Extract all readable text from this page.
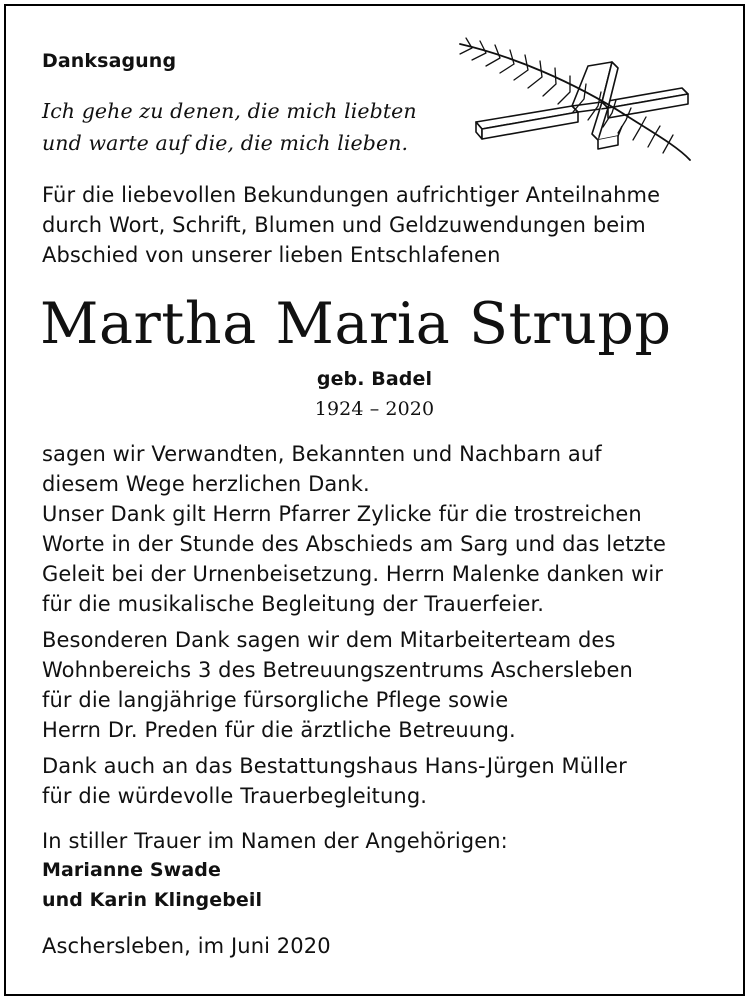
Danksagung
Ich gehe zu denen, die mich liebten
und warte auf die, die mich lieben.
Für die liebevollen Bekundungen aufrichtiger Anteilnahme
durch Wort, Schrift, Blumen und Geldzuwendungen beim
Abschied von unserer lieben Entschlafenen
Martha Maria Strupp
geb. Badel
1924 – 2020
sagen wir Verwandten, Bekannten und Nachbarn auf
diesem Wege herzlichen Dank.
Unser Dank gilt Herrn Pfarrer Zylicke für die trostreichen
Worte in der Stunde des Abschieds am Sarg und das letzte
Geleit bei der Urnenbeisetzung. Herrn Malenke danken wir
für die musikalische Begleitung der Trauerfeier.
Besonderen Dank sagen wir dem Mitarbeiterteam des
Wohnbereichs 3 des Betreuungszentrums Aschersleben
für die langjährige fürsorgliche Pflege sowie
Herrn Dr. Preden für die ärztliche Betreuung.
Dank auch an das Bestattungshaus Hans-Jürgen Müller
für die würdevolle Trauerbegleitung.
In stiller Trauer im Namen der Angehörigen:
Marianne Swade
und Karin Klingebeil
Aschersleben, im Juni 2020
